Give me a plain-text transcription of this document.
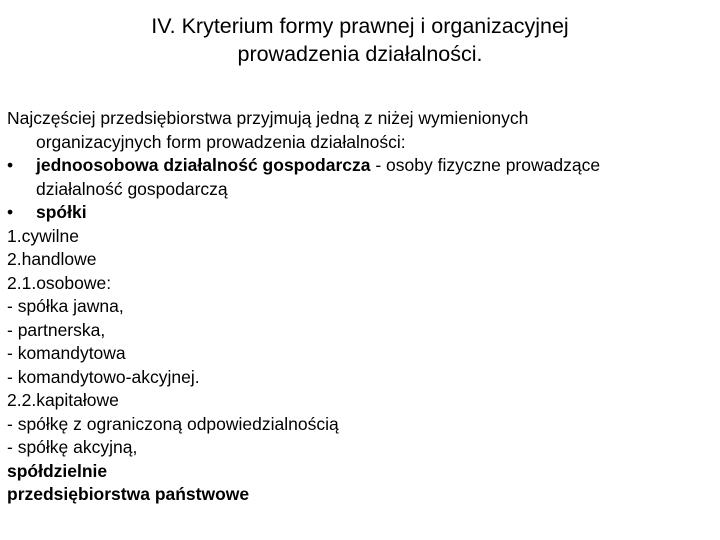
IV. Kryterium formy prawnej i organizacyjnej
prowadzenia działalności.
Najczęściej przedsiębiorstwa przyjmują jedną z niżej wymienionych
organizacyjnych form prowadzenia działalności:
•	jednoosobowa działalność gospodarcza - osoby fizyczne prowadzące
działalność gospodarczą
•	spółki
1.cywilne
2.handlowe
2.1.osobowe:
- spółka jawna,
- partnerska,
- komandytowa
- komandytowo-akcyjnej.
2.2.kapitałowe
- spółkę z ograniczoną odpowiedzialnością
- spółkę akcyjną,
spółdzielnie
przedsiębiorstwa państwowe
